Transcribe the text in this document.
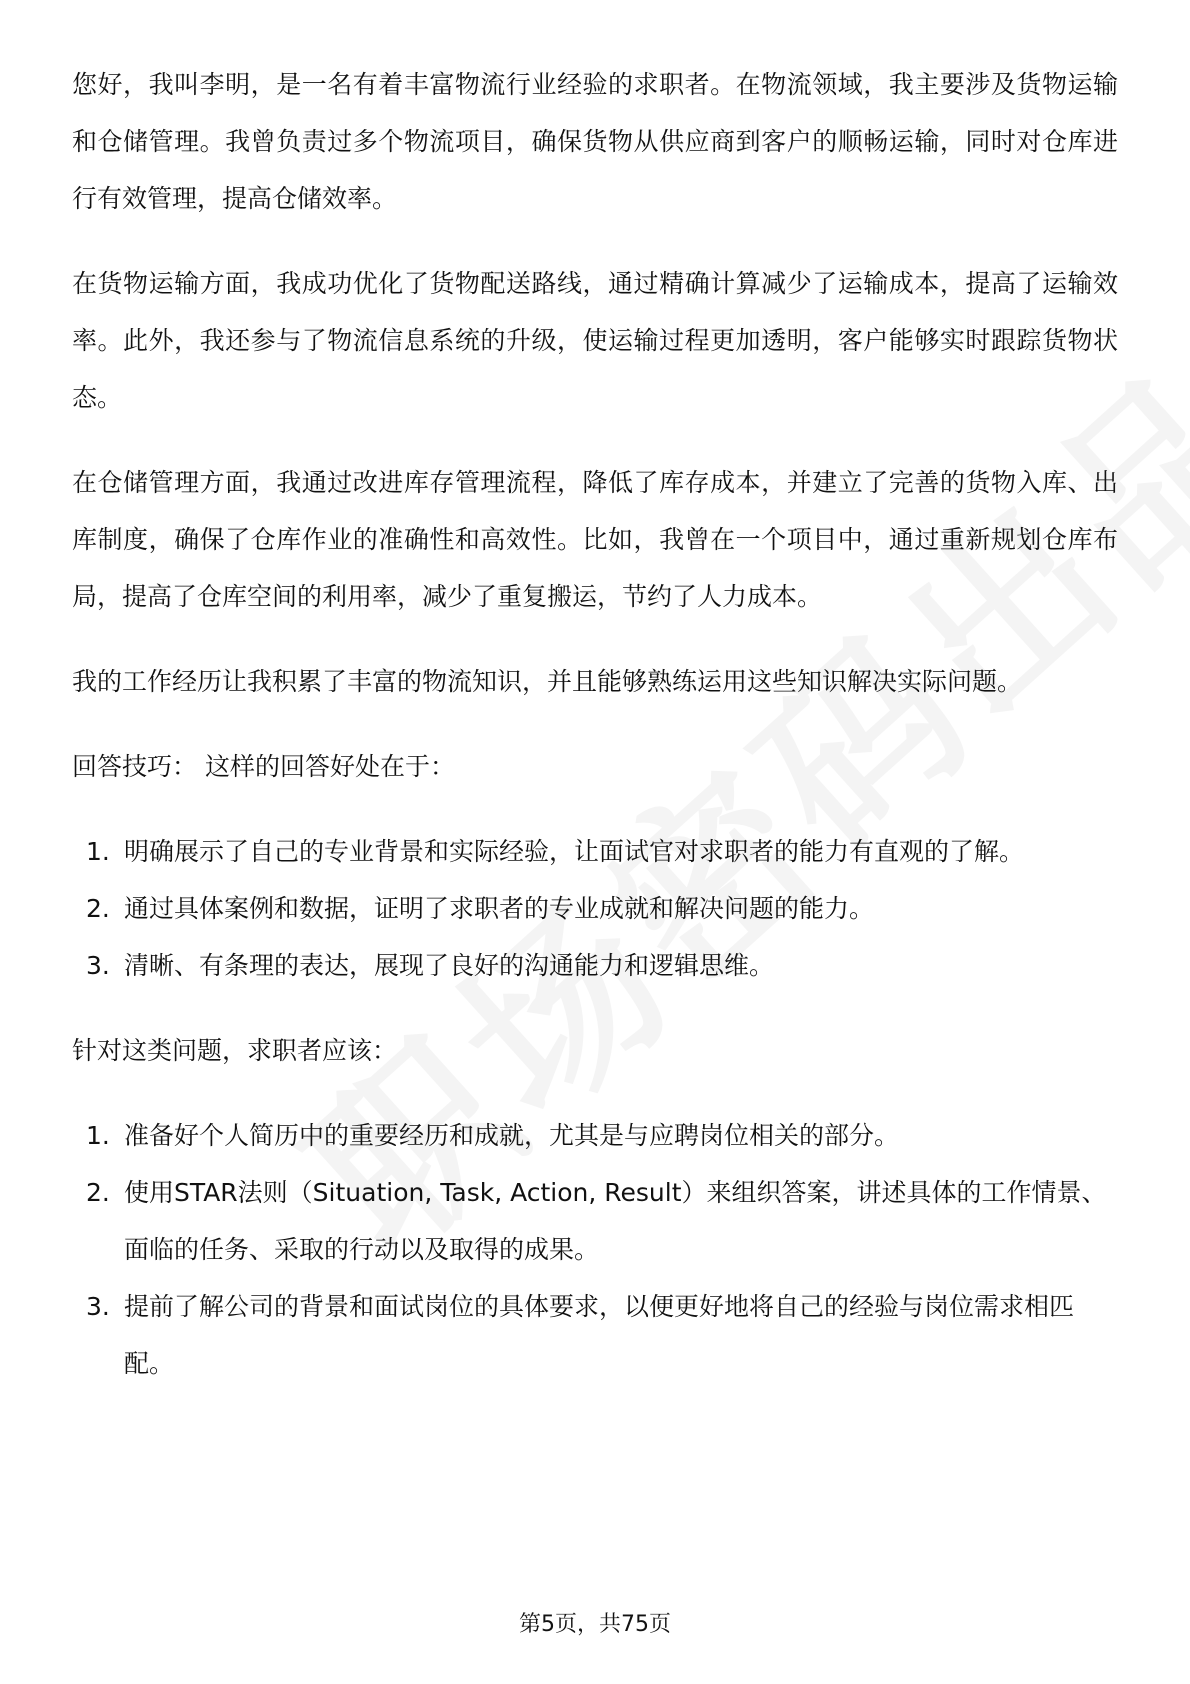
您好，我叫李明，是一名有着丰富物流行业经验的求职者。在物流领域，我主要涉及货物运输和仓储管理。我曾负责过多个物流项目，确保货物从供应商到客户的顺畅运输，同时对仓库进行有效管理，提高仓储效率。

在货物运输方面，我成功优化了货物配送路线，通过精确计算减少了运输成本，提高了运输效率。此外，我还参与了物流信息系统的升级，使运输过程更加透明，客户能够实时跟踪货物状态。

在仓储管理方面，我通过改进库存管理流程，降低了库存成本，并建立了完善的货物入库、出库制度，确保了仓库作业的准确性和高效性。比如，我曾在一个项目中，通过重新规划仓库布局，提高了仓库空间的利用率，减少了重复搬运，节约了人力成本。

我的工作经历让我积累了丰富的物流知识，并且能够熟练运用这些知识解决实际问题。

回答技巧： 这样的回答好处在于：

1. 明确展示了自己的专业背景和实际经验，让面试官对求职者的能力有直观的了解。
2. 通过具体案例和数据，证明了求职者的专业成就和解决问题的能力。
3. 清晰、有条理的表达，展现了良好的沟通能力和逻辑思维。

针对这类问题，求职者应该：

1. 准备好个人简历中的重要经历和成就，尤其是与应聘岗位相关的部分。
2. 使用STAR法则（Situation, Task, Action, Result）来组织答案，讲述具体的工作情景、面临的任务、采取的行动以及取得的成果。
3. 提前了解公司的背景和面试岗位的具体要求，以便更好地将自己的经验与岗位需求相匹配。
第5页，共75页
